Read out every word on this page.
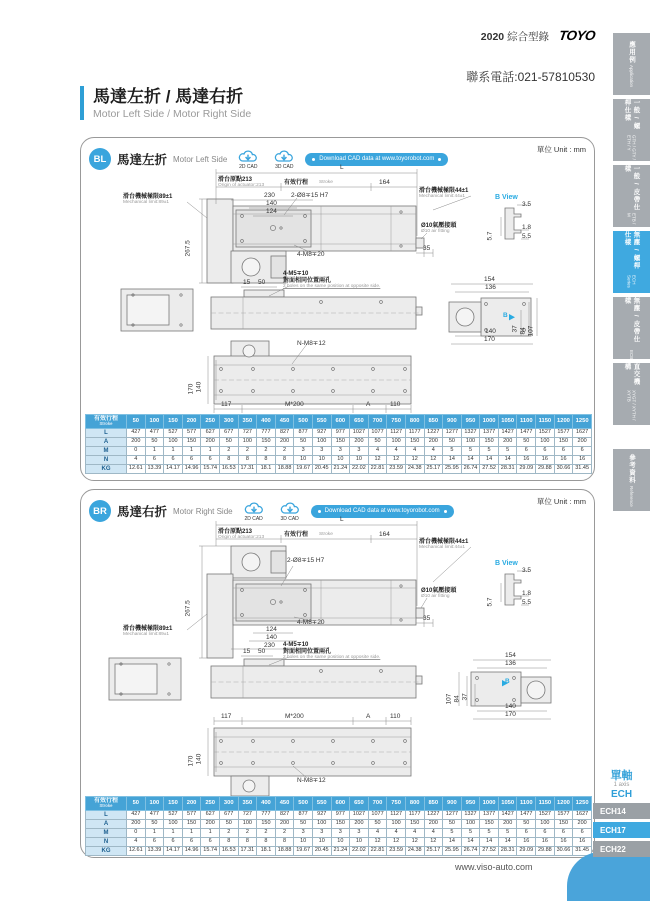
2020 綜合型錄 TOYO
聯系電話:021-57810530
馬達左折 / 馬達右折
Motor Left Side / Motor Right Side
應用例
Application
一般 / 螺桿仕樣
GTH / GTY / ETH / Y
一般 / 皮帶仕樣
ETB / M
無塵 / 螺桿仕樣
ECH Series
無塵 / 皮帶仕樣
ECB
直交機構
XYGT / XYTH / XYTB
參考資料
Reference
單軸
1 axis
ECH
BL 馬達左折 Motor Left Side
2D CAD	3D CAD
Download CAD data at www.toyorobot.com
單位 Unit : mm
L
滑台原點213
Origin of actuator:213	有效行程 Stroke	164
230
140
124
2-Ø8∓15 H7
滑台機械極限89±1
Mechanical limit:89±1
滑台機械極限44±1
Mechanical limit:44±1	B View
Ø10氣壓接頭
Ø10 air fitting
267.5	4-M8∓20
35
3.5
5.7
1.8
5.5
4-M5∓10
對面相同位置兩孔
2 holes on the same position at opposite side.
15 50	154
136
107
84
37
B
140
170
N-M8∓12
170 140
117	M*200	A	110
有效行程
Stroke	50	100	150	200	250	300	350	400	450	500	550	600	650	700	750	800	850	900	950	1000	1050	1100	1150	1200	1250
L	427	477	527	577	627	677	727	777	827	877	927	977	1027	1077	1127	1177	1227	1277	1327	1377	1427	1477	1527	1577	1627
A	200	50	100	150	200	50	100	150	200	50	100	150	200	50	100	150	200	50	100	150	200	50	100	150	200
M	0	1	1	1	1	2	2	2	2	3	3	3	3	4	4	4	4	5	5	5	5	6	6	6	6
N	4	6	6	6	6	8	8	8	8	10	10	10	10	12	12	12	12	14	14	14	14	16	16	16	16
KG	12.61	13.39	14.17	14.96	15.74	16.53	17.31	18.1	18.88	19.67	20.45	21.24	22.02	22.81	23.59	24.38	25.17	25.95	26.74	27.52	28.31	29.09	29.88	30.66	31.45
BR 馬達右折 Motor Right Side
2D CAD	3D CAD
Download CAD data at www.toyorobot.com
單位 Unit : mm
L
滑台原點213
Origin of actuator:213	有效行程 Stroke	164
滑台機械極限44±1
Mechanical limit:44±1
2-Ø8∓15 H7	B View
Ø10氣壓接頭
Ø10 air fitting
267.5
35
3.5
5.7
1.8
5.5
滑台機械極限89±1
Mechanical limit:89±1
124
140
230
4-M8∓20
4-M5∓10
對面相同位置兩孔
2 holes on the same position at opposite side.
15 50
154
136
107 84 37
B
140
170
117	M*200	A	110
170 140
N-M8∓12
有效行程
Stroke	50	100	150	200	250	300	350	400	450	500	550	600	650	700	750	800	850	900	950	1000	1050	1100	1150	1200	1250
L	427	477	527	577	627	677	727	777	827	877	927	977	1027	1077	1127	1177	1227	1277	1327	1377	1427	1477	1527	1577	1627
A	200	50	100	150	200	50	100	150	200	50	100	150	200	50	100	150	200	50	100	150	200	50	100	150	200
M	0	1	1	1	1	2	2	2	2	3	3	3	3	4	4	4	4	5	5	5	5	6	6	6	6
N	4	6	6	6	6	8	8	8	8	10	10	10	10	12	12	12	12	14	14	14	14	16	16	16	16
KG	12.61	13.39	14.17	14.96	15.74	16.53	17.31	18.1	18.88	19.67	20.45	21.24	22.02	22.81	23.59	24.38	25.17	25.95	26.74	27.52	28.31	29.09	29.88	30.66	31.45
www.viso-auto.com
ECH14
ECH17
ECH22
